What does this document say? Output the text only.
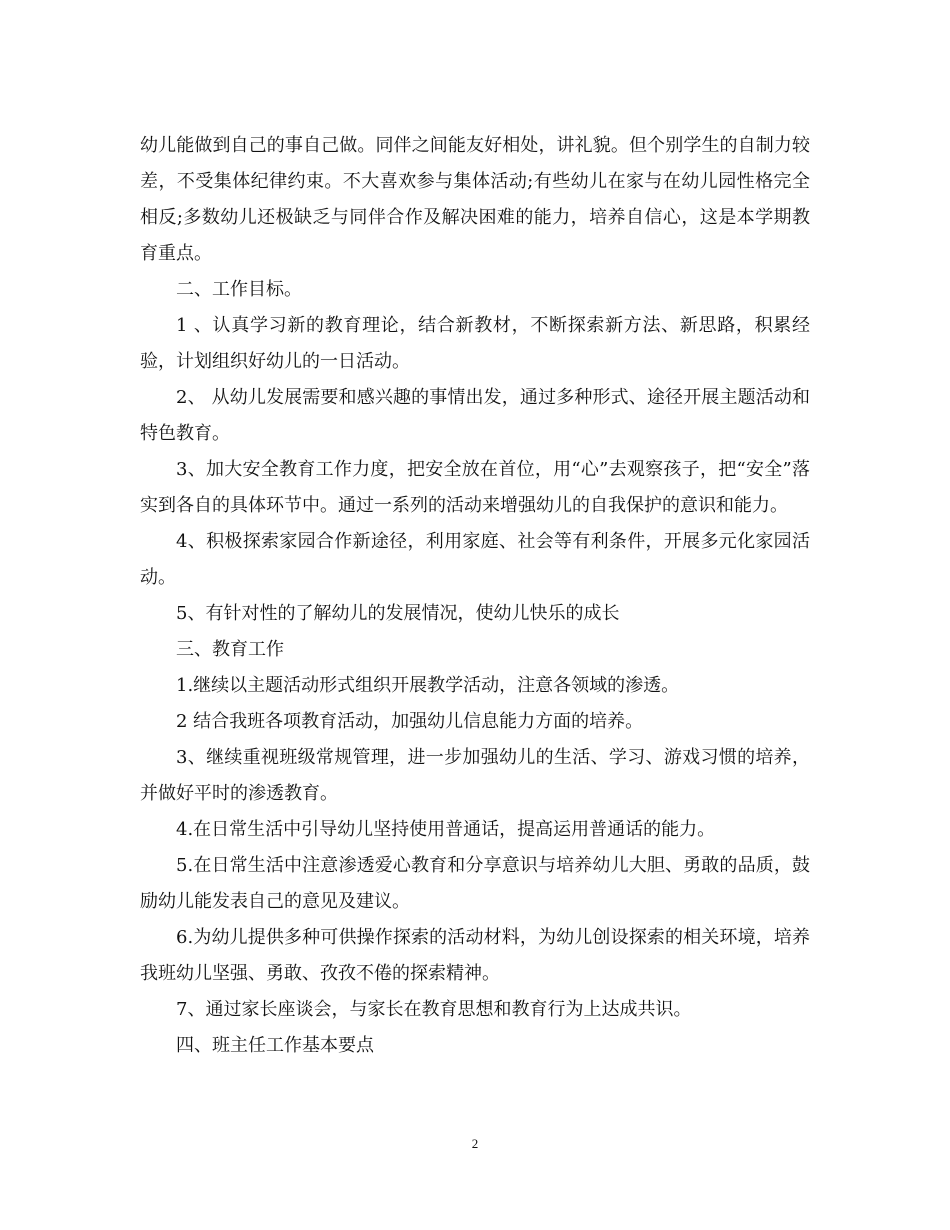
幼儿能做到自己的事自己做。同伴之间能友好相处，讲礼貌。但个别学生的自制力较差，不受集体纪律约束。不大喜欢参与集体活动;有些幼儿在家与在幼儿园性格完全相反;多数幼儿还极缺乏与同伴合作及解决困难的能力，培养自信心，这是本学期教育重点。

二、工作目标。

1 、认真学习新的教育理论，结合新教材，不断探索新方法、新思路，积累经验，计划组织好幼儿的一日活动。

2、 从幼儿发展需要和感兴趣的事情出发，通过多种形式、途径开展主题活动和特色教育。

3、加大安全教育工作力度，把安全放在首位，用“心”去观察孩子，把“安全”落实到各自的具体环节中。通过一系列的活动来增强幼儿的自我保护的意识和能力。

4、积极探索家园合作新途径，利用家庭、社会等有利条件，开展多元化家园活动。

5、有针对性的了解幼儿的发展情况，使幼儿快乐的成长

三、教育工作

1.继续以主题活动形式组织开展教学活动，注意各领域的渗透。

2 结合我班各项教育活动，加强幼儿信息能力方面的培养。

3、继续重视班级常规管理，进一步加强幼儿的生活、学习、游戏习惯的培养，并做好平时的渗透教育。

4.在日常生活中引导幼儿坚持使用普通话，提高运用普通话的能力。

5.在日常生活中注意渗透爱心教育和分享意识与培养幼儿大胆、勇敢的品质，鼓励幼儿能发表自己的意见及建议。

6.为幼儿提供多种可供操作探索的活动材料，为幼儿创设探索的相关环境，培养我班幼儿坚强、勇敢、孜孜不倦的探索精神。

7、通过家长座谈会，与家长在教育思想和教育行为上达成共识。

四、班主任工作基本要点

2
